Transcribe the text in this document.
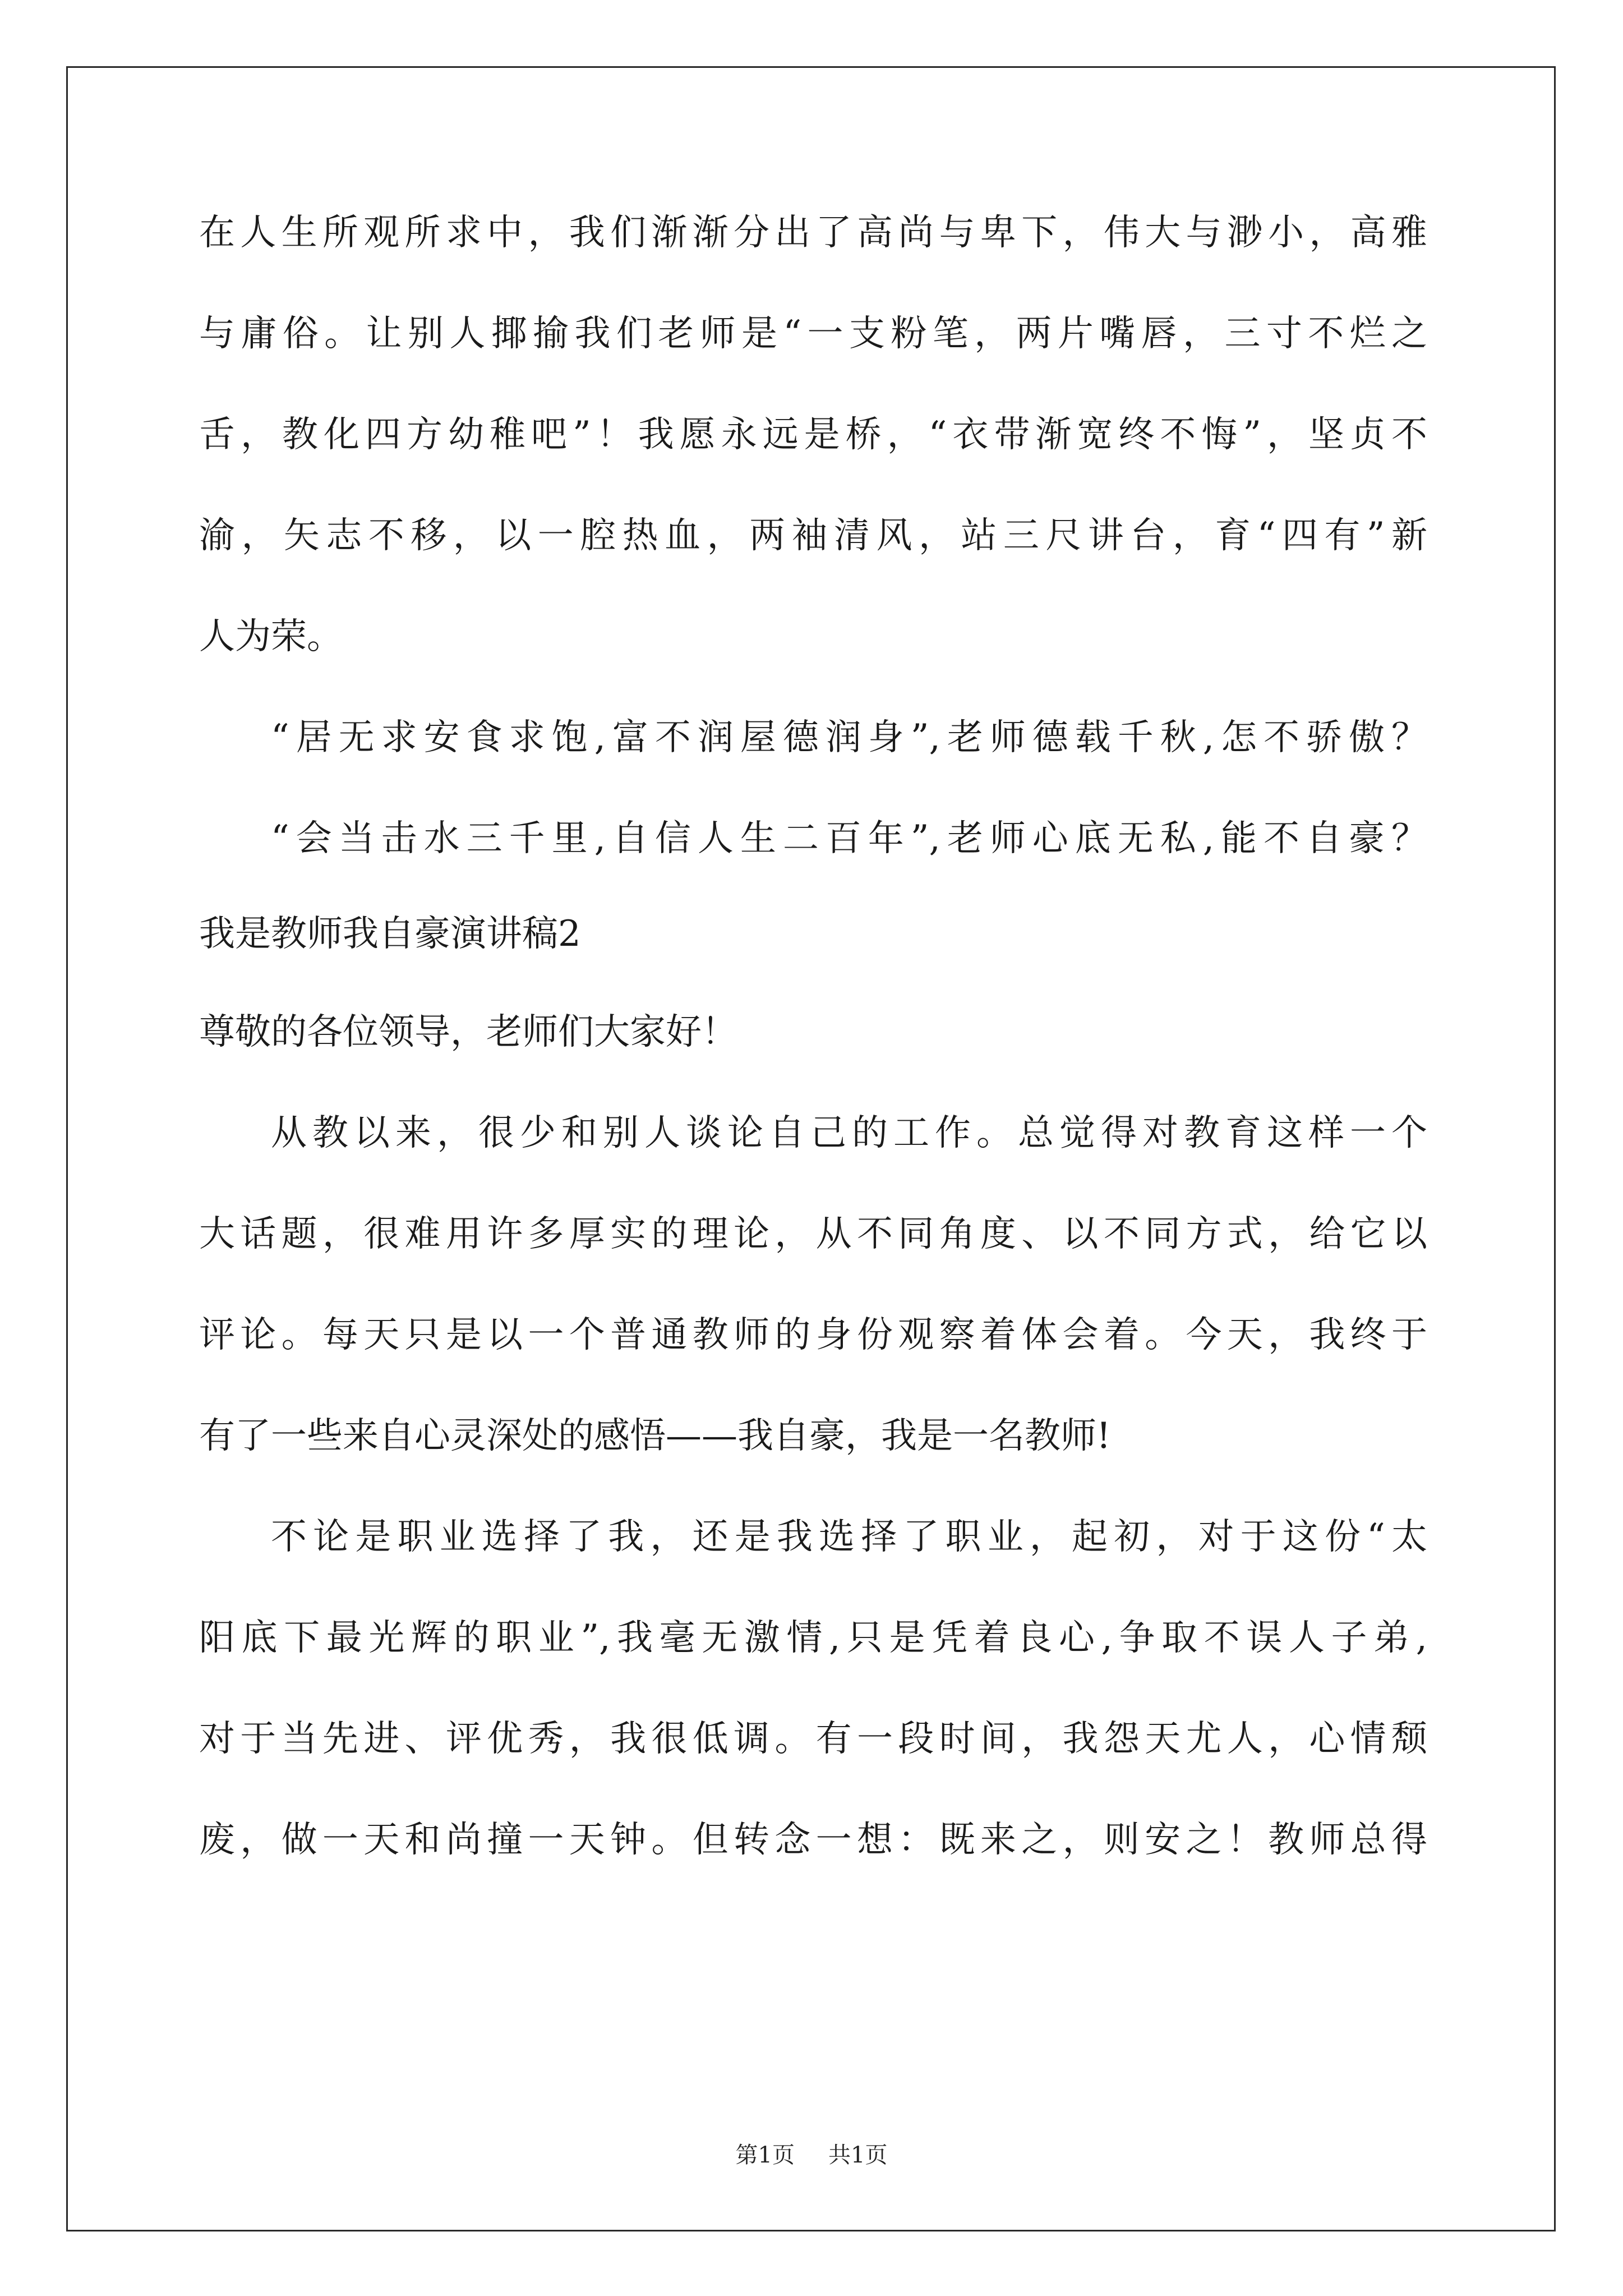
在人生所观所求中，我们渐渐分出了高尚与卑下，伟大与渺小，高雅
与庸俗。让别人揶揄我们老师是“一支粉笔，两片嘴唇，三寸不烂之
舌，教化四方幼稚吧”！我愿永远是桥，“衣带渐宽终不悔”，坚贞不
渝，矢志不移，以一腔热血，两袖清风，站三尺讲台，育“四有”新
人为荣。
“居无求安食求饱,富不润屋德润身”,老师德载千秋,怎不骄傲？
“会当击水三千里,自信人生二百年”,老师心底无私,能不自豪？
我是教师我自豪演讲稿2
尊敬的各位领导，老师们大家好！
从教以来，很少和别人谈论自己的工作。总觉得对教育这样一个
大话题，很难用许多厚实的理论，从不同角度、以不同方式，给它以
评论。每天只是以一个普通教师的身份观察着体会着。今天，我终于
有了一些来自心灵深处的感悟——我自豪，我是一名教师!
不论是职业选择了我，还是我选择了职业，起初，对于这份“太
阳底下最光辉的职业”,我毫无激情,只是凭着良心,争取不误人子弟,
对于当先进、评优秀，我很低调。有一段时间，我怨天尤人，心情颓
废，做一天和尚撞一天钟。但转念一想：既来之，则安之！教师总得
第1页 共1页
